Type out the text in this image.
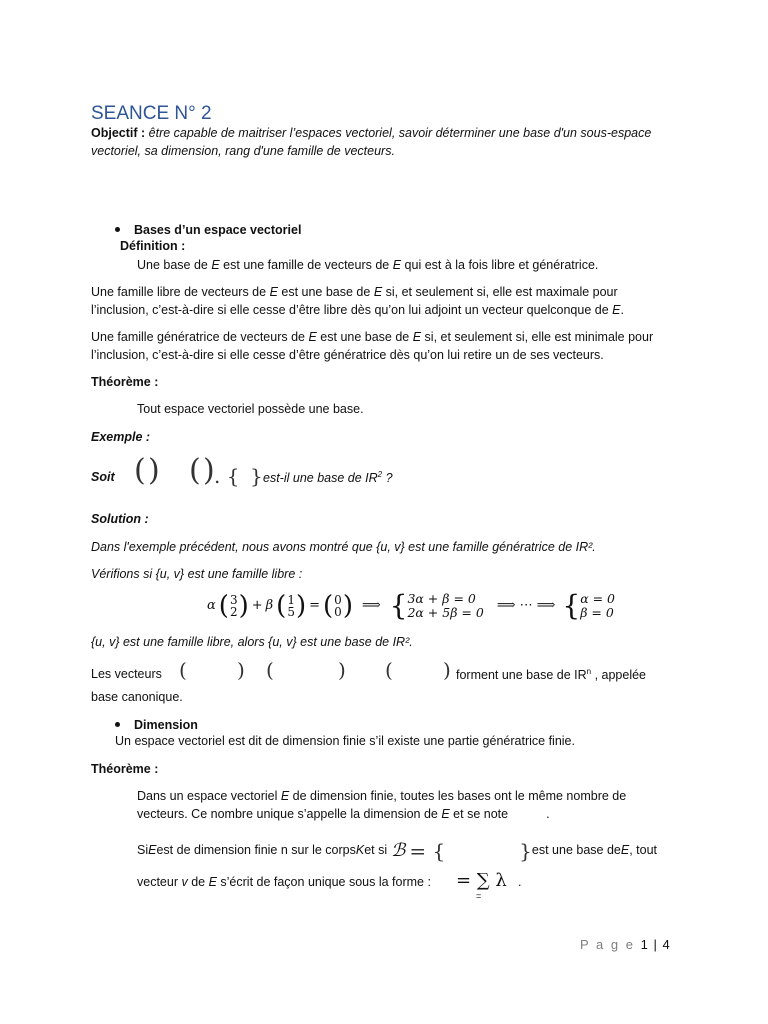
SEANCE N° 2
Objectif : être capable de maitriser l’espaces vectoriel, savoir déterminer une base d'un sous-espace vectoriel, sa dimension, rang d'une famille de vecteurs.
Bases d’un espace vectoriel
Définition :
Une base de E est une famille de vecteurs de E qui est à la fois libre et génératrice.
Une famille libre de vecteurs de E est une base de E si, et seulement si, elle est maximale pour l’inclusion, c’est-à-dire si elle cesse d’être libre dès qu’on lui adjoint un vecteur quelconque de E.
Une famille génératrice de vecteurs de E est une base de E si, et seulement si, elle est minimale pour l’inclusion, c’est-à-dire si elle cesse d’être génératrice dès qu’on lui retire un de ses vecteurs.
Théorème :
Tout espace vectoriel possède une base.
Exemple :
Soit ( ) ( ) . { } est-il une base de $IR^2$ ?
Solution :
Dans l'exemple précédent, nous avons montré que {u, v} est une famille génératrice de IR².
Vérifions si {u, v} est une famille libre :
α ( 3
2 ) + β ( 1
5 ) = ( 0
0 ) ⟹ { 3α + β = 0
2α + 5β = 0 ⟹ ⋯ ⟹ { α = 0
β = 0
{u, v} est une famille libre, alors {u, v} est une base de IR².
Les vecteurs (	) (	) (	) forment une base de $IR^n$ , appelée
base canonique.
Dimension
Un espace vectoriel est dit de dimension finie s’il existe une partie génératrice finie.
Théorème :
Dans un espace vectoriel E de dimension finie, toutes les bases ont le même nombre de vecteurs. Ce nombre unique s’appelle la dimension de E et se note	.
Si E est de dimension finie n sur le corps K et si ℬ = {	} est une base de E , tout
vecteur v de E s’écrit de façon unique sous la forme : = ∑ λ
=
.
P a g e 1 | 4
